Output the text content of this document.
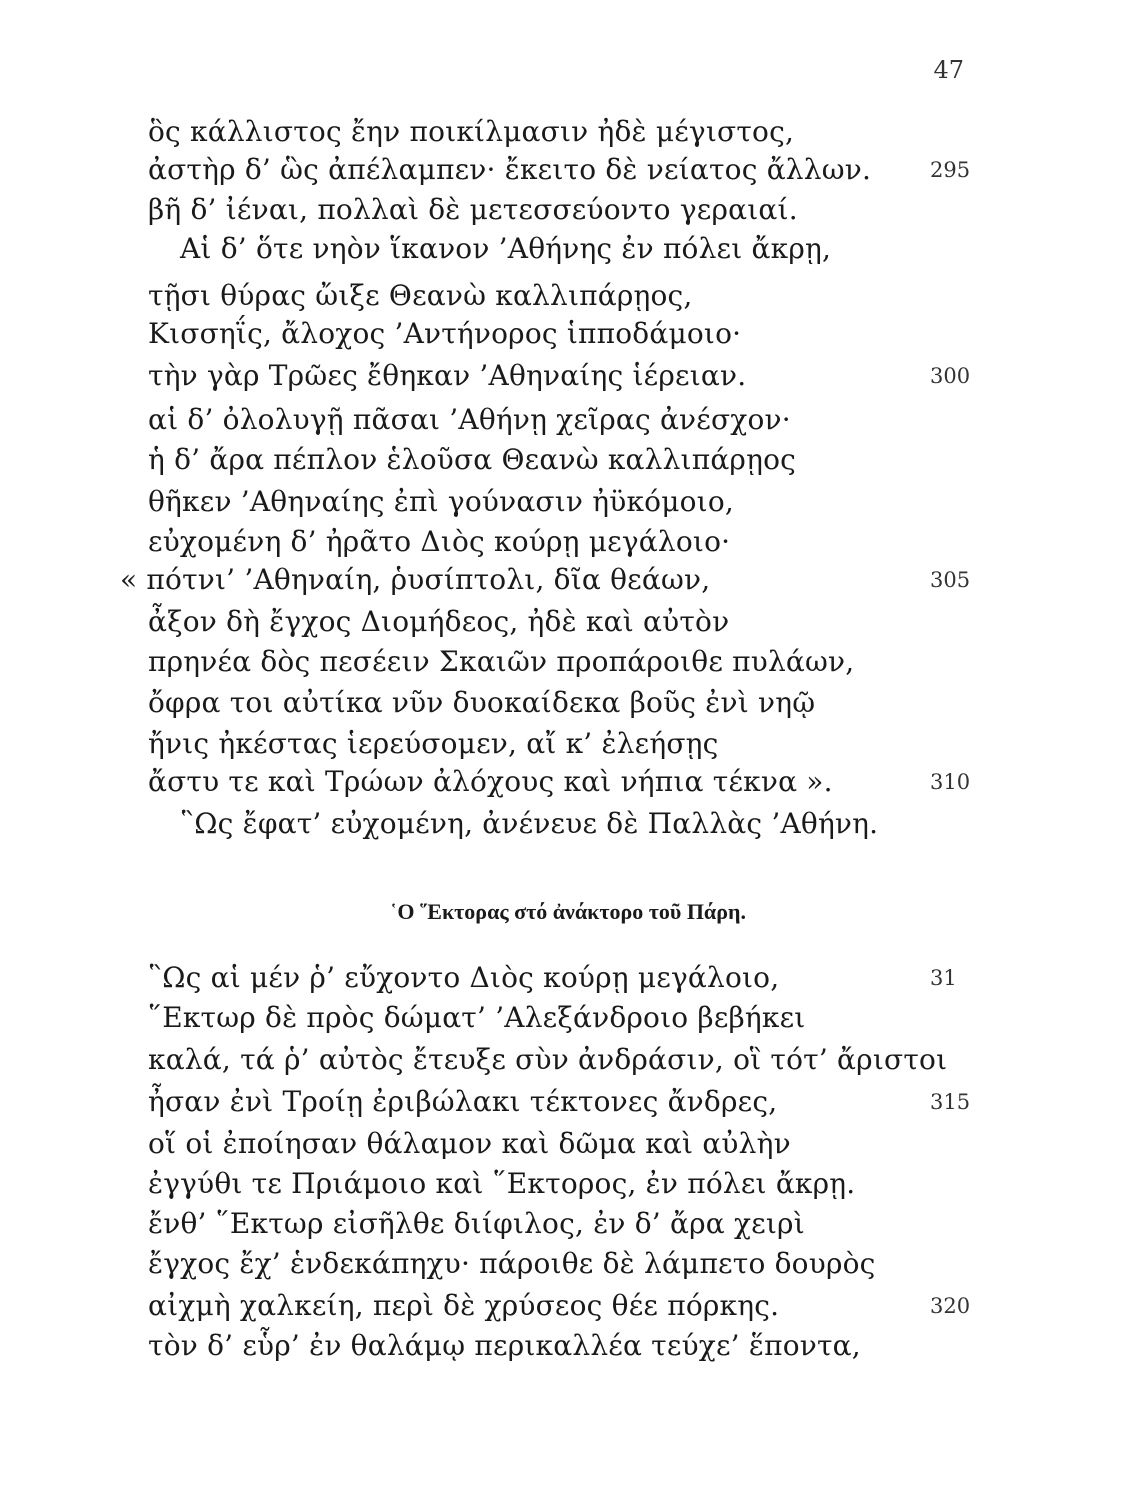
47
ὃς κάλλιστος ἔην ποικίλμασιν ἠδὲ μέγιστος,
ἀστὴρ δ’ ὣς ἀπέλαμπεν· ἔκειτο δὲ νείατος ἄλλων.	295
βῆ δ’ ἰέναι, πολλαὶ δὲ μετεσσεύοντο γεραιαί.
Αἱ δ’ ὅτε νηὸν ἵκανον ’Αθήνης ἐν πόλει ἄκρῃ,
τῇσι θύρας ὤιξε Θεανὼ καλλιπάρῃος,
Κισσηΐς, ἄλοχος ’Αντήνορος ἱπποδάμοιο·
τὴν γὰρ Τρῶες ἔθηκαν ’Αθηναίης ἱέρειαν.	300
αἱ δ’ ὀλολυγῇ πᾶσαι ’Αθήνῃ χεῖρας ἀνέσχον·
ἡ δ’ ἄρα πέπλον ἑλοῦσα Θεανὼ καλλιπάρῃος
θῆκεν ’Αθηναίης ἐπὶ γούνασιν ἠϋκόμοιο,
εὐχομένη δ’ ἠρᾶτο Διὸς κούρῃ μεγάλοιο·
« πότνι’ ’Αθηναίη, ῥυσίπτολι, δῖα θεάων,	305
ἆξον δὴ ἔγχος Διομήδεος, ἠδὲ καὶ αὐτὸν
πρηνέα δὸς πεσέειν Σκαιῶν προπάροιθε πυλάων,
ὄφρα τοι αὐτίκα νῦν δυοκαίδεκα βοῦς ἐνὶ νηῷ
ἤνις ἠκέστας ἱερεύσομεν, αἴ κ’ ἐλεήσῃς
ἄστυ τε καὶ Τρώων ἀλόχους καὶ νήπια τέκνα ».	310
῝Ως ἔφατ’ εὐχομένη, ἀνένευε δὲ Παλλὰς ’Αθήνη.
῾Ο ῞Εκτορας στό ἀνάκτορο τοῦ Πάρη.
῝Ως αἱ μέν ῥ’ εὔχοντο Διὸς κούρῃ μεγάλοιο,	31
῞Εκτωρ δὲ πρὸς δώματ’ ’Αλεξάνδροιο βεβήκει
καλά, τά ῥ’ αὐτὸς ἔτευξε σὺν ἀνδράσιν, οἳ τότ’ ἄριστοι
ἦσαν ἐνὶ Τροίῃ ἐριβώλακι τέκτονες ἄνδρες,	315
οἵ οἱ ἐποίησαν θάλαμον καὶ δῶμα καὶ αὐλὴν
ἐγγύθι τε Πριάμοιο καὶ ῞Εκτορος, ἐν πόλει ἄκρῃ.
ἔνθ’ ῞Εκτωρ εἰσῆλθε διίφιλος, ἐν δ’ ἄρα χειρὶ
ἔγχος ἔχ’ ἑνδεκάπηχυ· πάροιθε δὲ λάμπετο δουρὸς
αἰχμὴ χαλκείη, περὶ δὲ χρύσεος θέε πόρκης.	320
τὸν δ’ εὗρ’ ἐν θαλάμῳ περικαλλέα τεύχε’ ἕποντα,
